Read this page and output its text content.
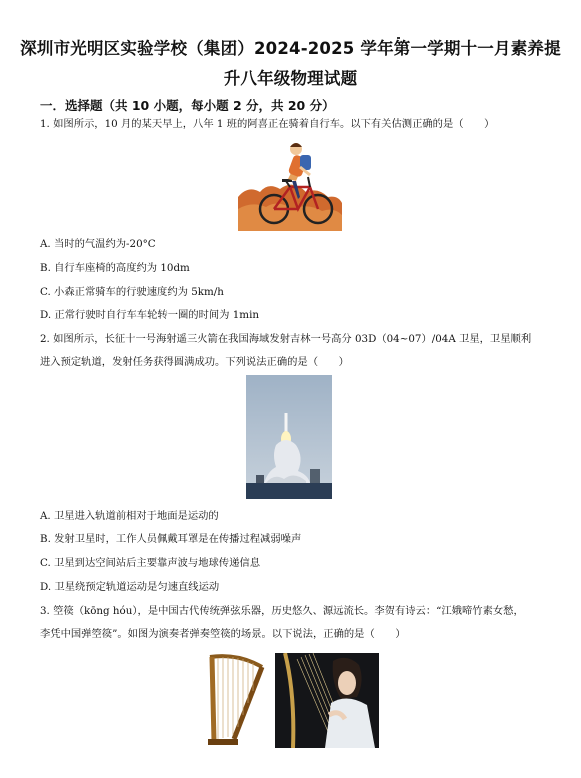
深圳市光明区实验学校（集团）2024-2025 学年第一学期十一月素养提
升八年级物理试题
一．选择题（共 10 小题，每小题 2 分，共 20 分）
1. 如图所示，10 月的某天早上，八年 1 班的阿喜正在骑着自行车。以下有关估测正确的是（　　）
A. 当时的气温约为-20°C
B. 自行车座椅的高度约为 10dm
C. 小森正常骑车的行驶速度约为 5km/h
D. 正常行驶时自行车车轮转一圈的时间为 1min
2. 如图所示，长征十一号海射遥三火箭在我国海域发射吉林一号高分 03D（04~07）/04A 卫星，卫星顺利
进入预定轨道，发射任务获得圆满成功。下列说法正确的是（　　）
A. 卫星进入轨道前相对于地面是运动的
B. 发射卫星时，工作人员佩戴耳罩是在传播过程减弱噪声
C. 卫星到达空间站后主要靠声波与地球传递信息
D. 卫星绕预定轨道运动是匀速直线运动
3. 箜篌（kōng hóu），是中国古代传统弹弦乐器，历史悠久、源远流长。李贺有诗云：“江娥啼竹素女愁，
李凭中国弹箜篌”。如图为演奏者弹奏箜篌的场景。以下说法，正确的是（　　）
